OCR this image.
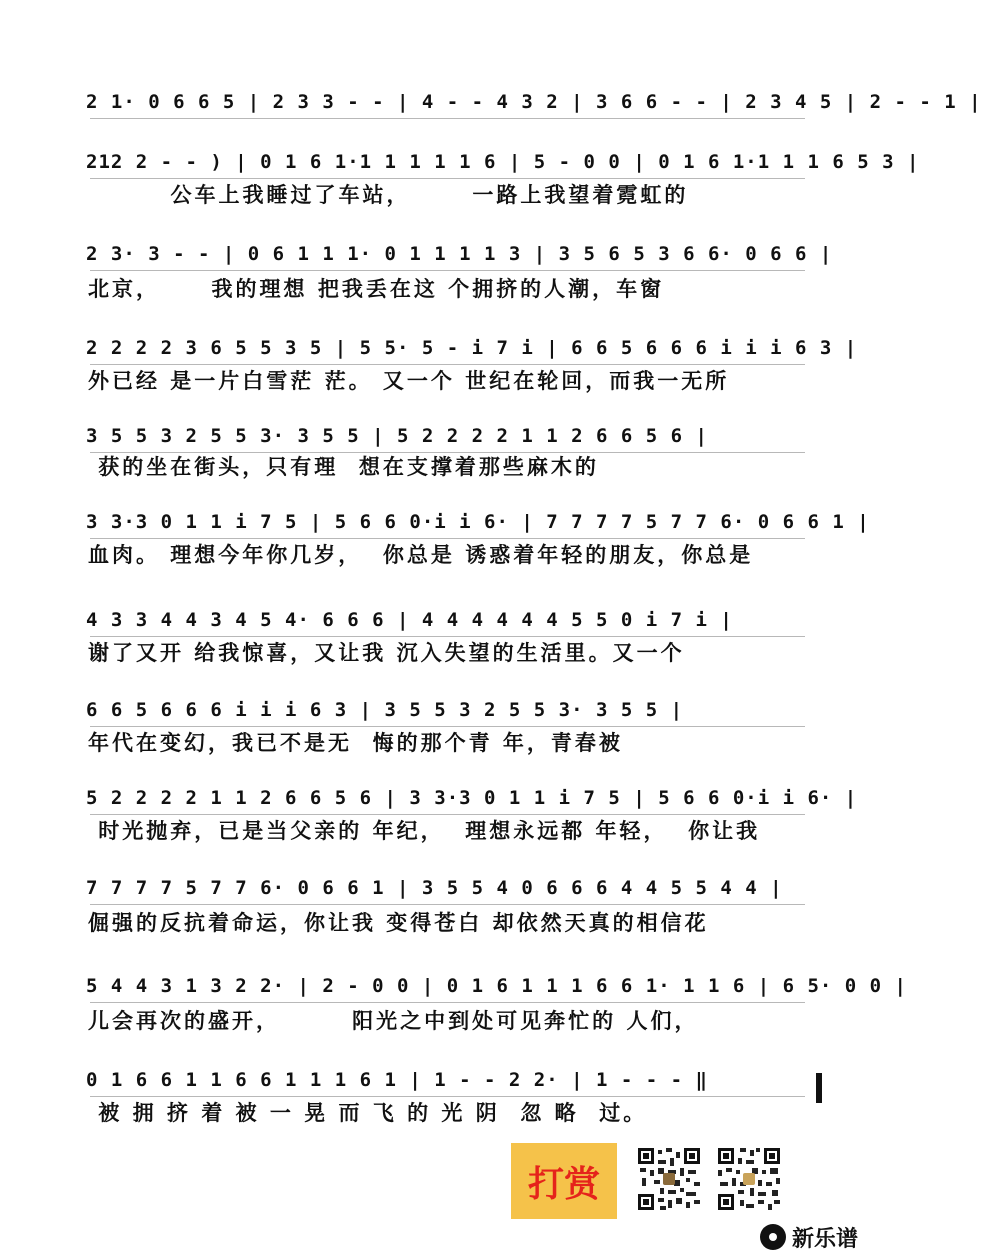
2 1· 0 6 6 5 | 2 3 3 - - | 4 - - 4 3 2 | 3 6 6 - - | 2 3 4 5 | 2 - - 1 |
212 2 - - ) | 0 1 6 1·1 1 1 1 1 6 | 5 - 0 0 | 0 1 6 1·1 1 1 6 5 3 |
公车上我睡过了车站，      一路上我望着霓虹的
2 3· 3 - - | 0 6 1 1 1· 0 1 1 1 1 3 | 3 5 6 5 3 6 6· 0 6 6 |
北京，     我的理想 把我丢在这 个拥挤的人潮，车窗
2 2 2 2 3 6 5 5 3 5 | 5 5· 5 - i 7 i | 6 6 5 6 6 6 i i i 6 3 |
外已经 是一片白雪茫 茫。 又一个 世纪在轮回，而我一无所
3 5 5 3 2 5 5 3· 3 5 5 | 5 2 2 2 2 1 1 2 6 6 5 6 |
获的坐在街头，只有理  想在支撑着那些麻木的
3 3·3 0 1 1 i 7 5 | 5 6 6 0·i i 6· | 7 7 7 7 5 7 7 6· 0 6 6 1 |
血肉。 理想今年你几岁，  你总是 诱惑着年轻的朋友，你总是
4 3 3 4 4 3 4 5 4· 6 6 6 | 4 4 4 4 4 4 5 5 0 i 7 i |
谢了又开 给我惊喜，又让我 沉入失望的生活里。又一个
6 6 5 6 6 6 i i i 6 3 | 3 5 5 3 2 5 5 3· 3 5 5 |
年代在变幻，我已不是无  悔的那个青 年，青春被
5 2 2 2 2 1 1 2 6 6 5 6 | 3 3·3 0 1 1 i 7 5 | 5 6 6 0·i i 6· |
时光抛弃，已是当父亲的 年纪，  理想永远都 年轻，  你让我
7 7 7 7 5 7 7 6· 0 6 6 1 | 3 5 5 4 0 6 6 6 4 4 5 5 4 4 |
倔强的反抗着命运，你让我 变得苍白 却依然天真的相信花
5 4 4 3 1 3 2 2· | 2 - 0 0 | 0 1 6 1 1 1 6 6 1· 1 1 6 | 6 5· 0 0 |
儿会再次的盛开，       阳光之中到处可见奔忙的 人们，
0 1 6 6 1 1 6 6 1 1 1 6 1 | 1 - - 2 2· | 1 - - - ‖
被 拥 挤 着 被 一 晃 而 飞 的 光 阴  忽 略  过。
打赏
新乐谱
